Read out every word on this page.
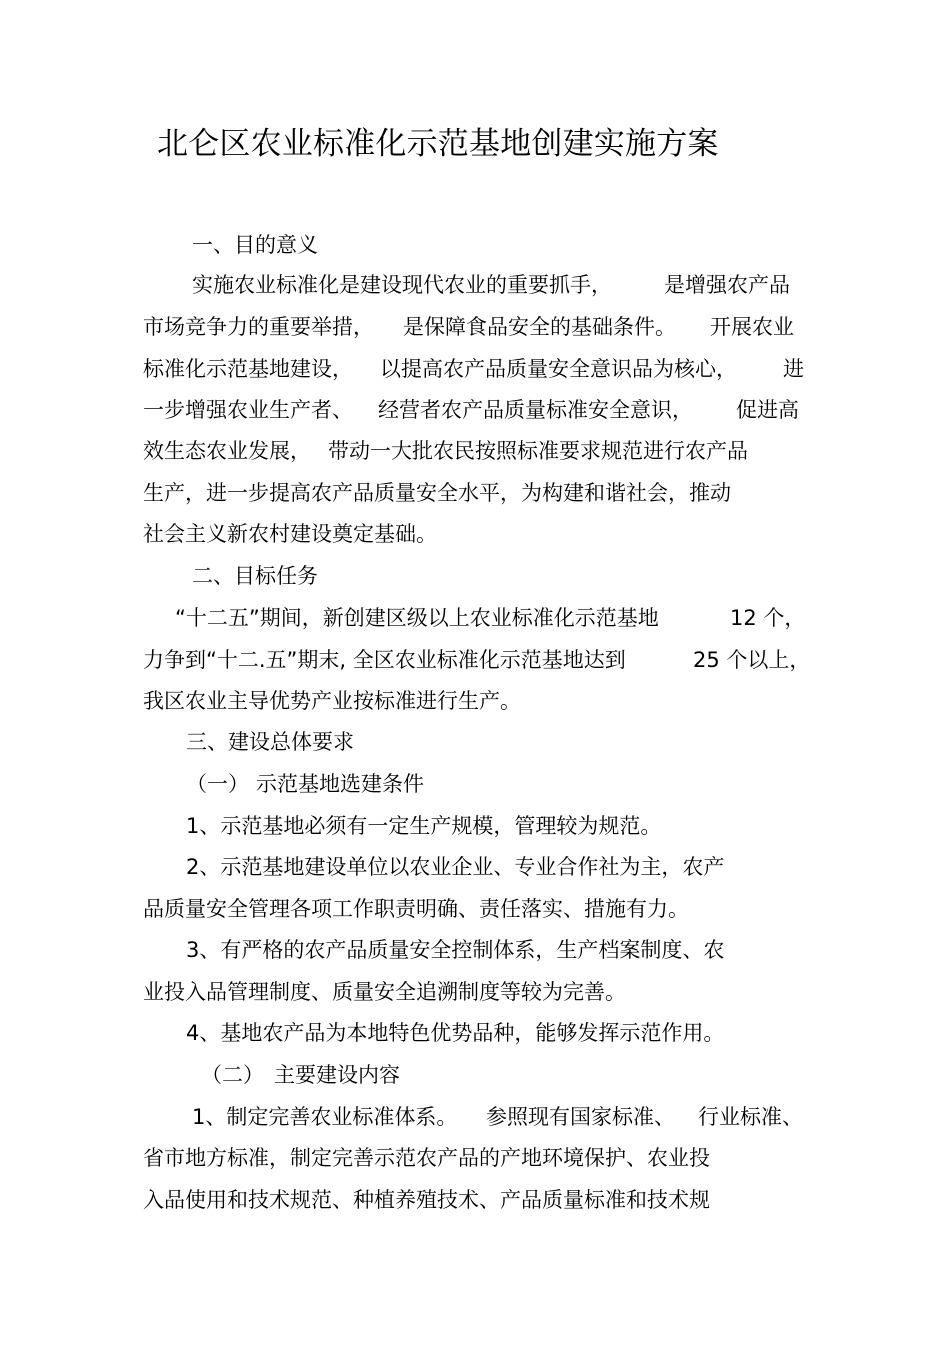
北仑区农业标准化示范基地创建实施方案
一、目的意义
实施农业标准化是建设现代农业的重要抓手， 是增强农产品
市场竞争力的重要举措， 是保障食品安全的基础条件。 开展农业
标准化示范基地建设， 以提高农产品质量安全意识品为核心， 进
一步增强农业生产者、 经营者农产品质量标准安全意识， 促进高
效生态农业发展， 带动一大批农民按照标准要求规范进行农产品
生产，进一步提高农产品质量安全水平，为构建和谐社会，推动
社会主义新农村建设奠定基础。
二、目标任务
“十二五”期间，新创建区级以上农业标准化示范基地	12 个，
力争到“十二.五”期末, 全区农业标准化示范基地达到	25 个以上，
我区农业主导优势产业按标准进行生产。
三、建设总体要求
（一） 示范基地选建条件
1、示范基地必须有一定生产规模，管理较为规范。
2、示范基地建设单位以农业企业、专业合作社为主，农产
品质量安全管理各项工作职责明确、责任落实、措施有力。
3、有严格的农产品质量安全控制体系，生产档案制度、农
业投入品管理制度、质量安全追溯制度等较为完善。
4、基地农产品为本地特色优势品种，能够发挥示范作用。
（二） 主要建设内容
1、制定完善农业标准体系。 参照现有国家标准、 行业标准、
省市地方标准，制定完善示范农产品的产地环境保护、农业投
入品使用和技术规范、种植养殖技术、产品质量标准和技术规
